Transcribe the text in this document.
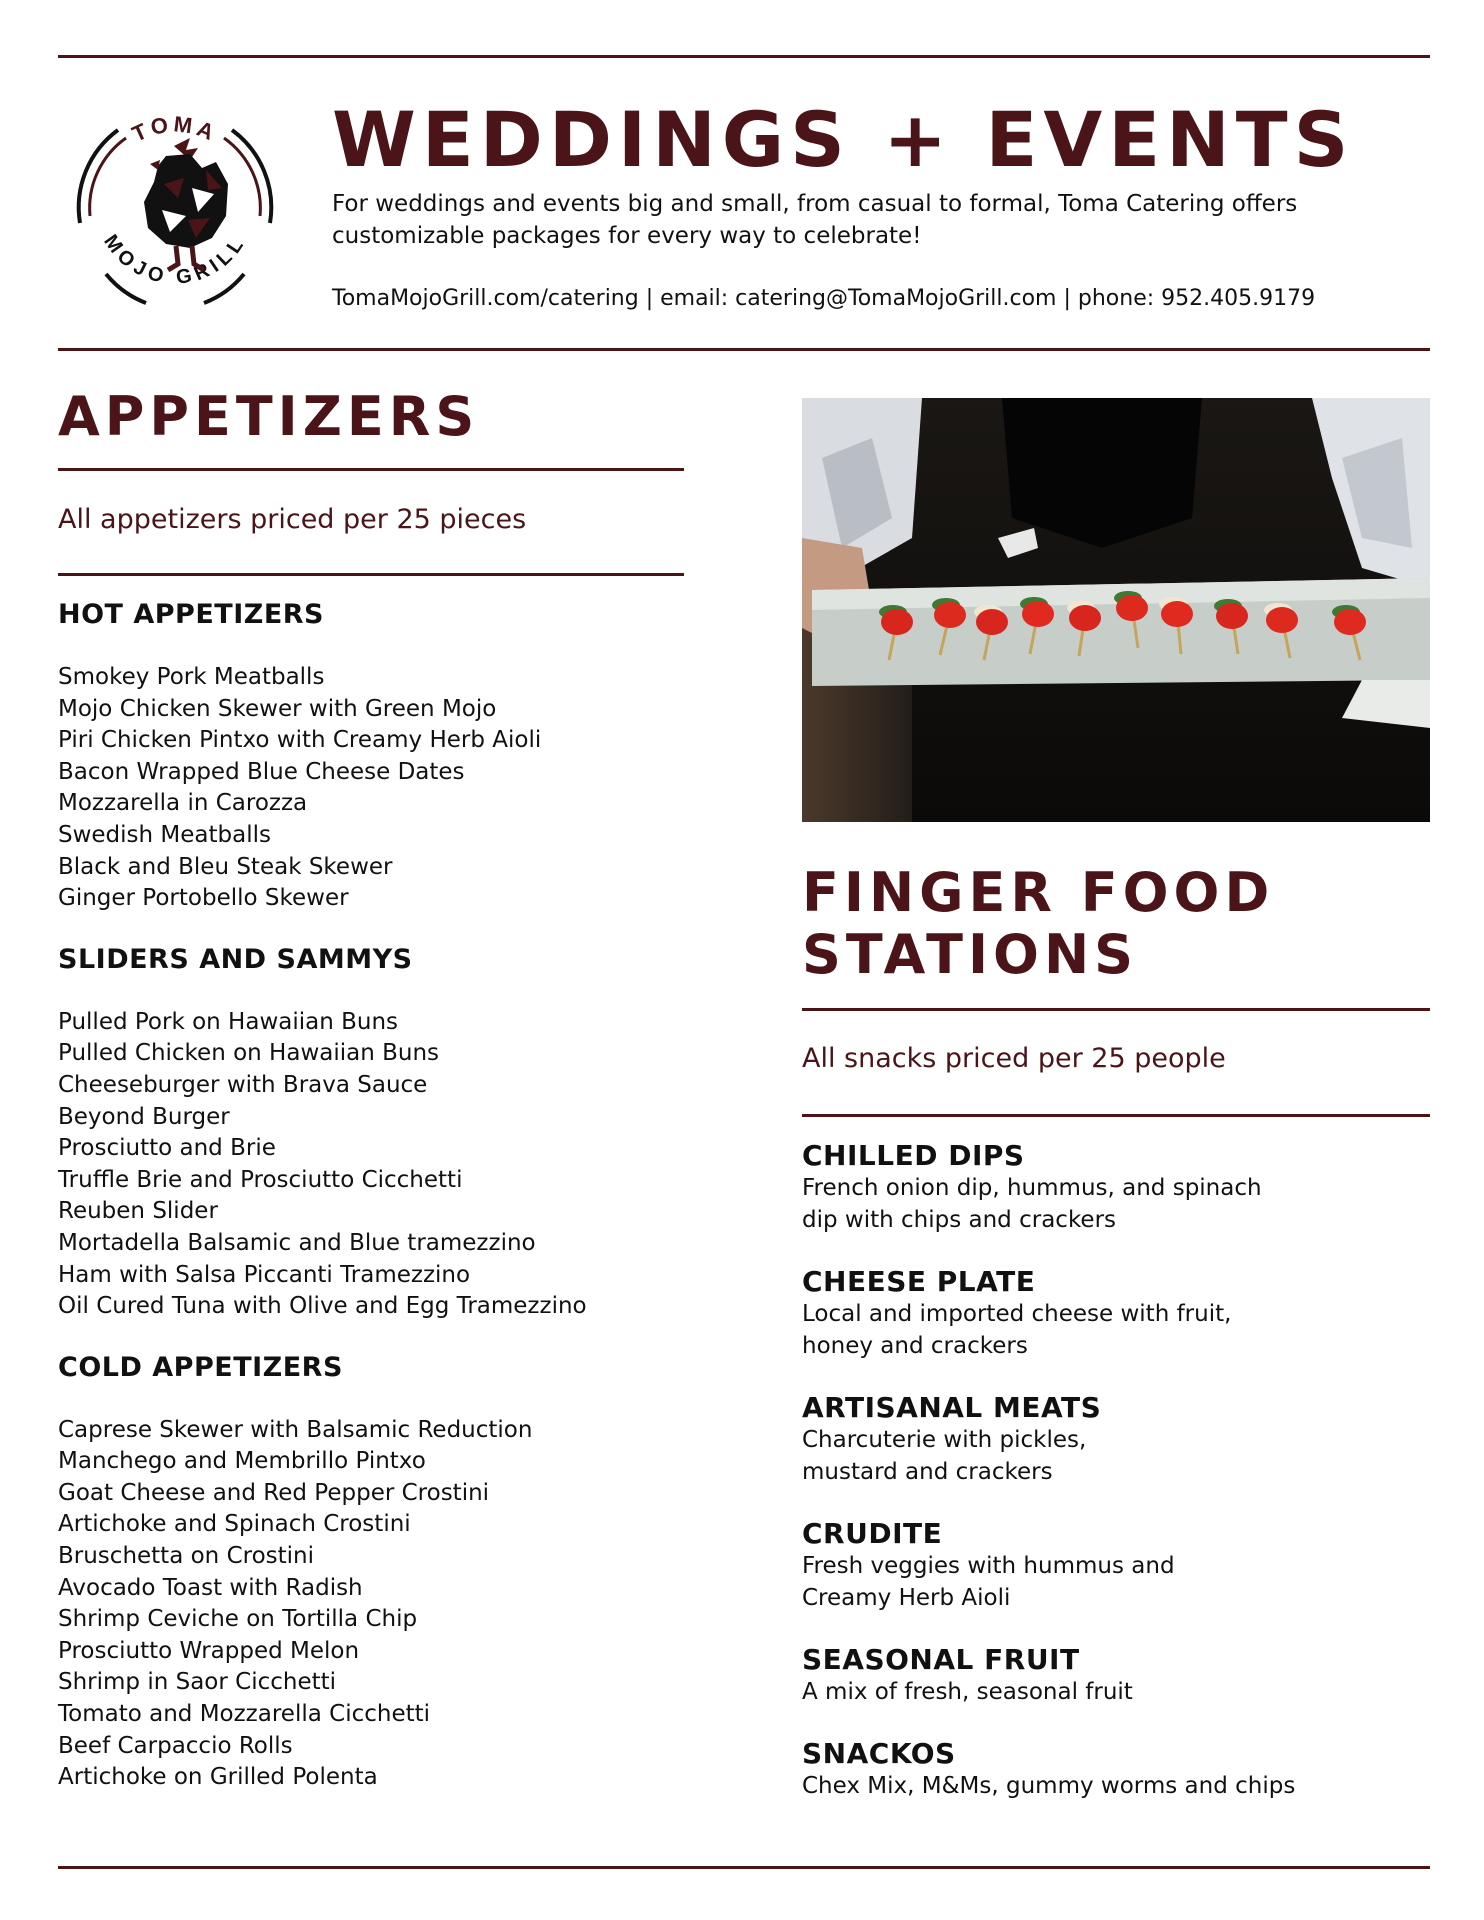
TOMA
MOJO GRILL
WEDDINGS + EVENTS

For weddings and events big and small, from casual to formal, Toma Catering offers customizable packages for every way to celebrate!

TomaMojoGrill.com/catering | email: catering@TomaMojoGrill.com | phone: 952.405.9179

APPETIZERS

All appetizers priced per 25 pieces

HOT APPETIZERS
Smokey Pork Meatballs
Mojo Chicken Skewer with Green Mojo
Piri Chicken Pintxo with Creamy Herb Aioli
Bacon Wrapped Blue Cheese Dates
Mozzarella in Carozza
Swedish Meatballs
Black and Bleu Steak Skewer
Ginger Portobello Skewer
SLIDERS AND SAMMYS
Pulled Pork on Hawaiian Buns
Pulled Chicken on Hawaiian Buns
Cheeseburger with Brava Sauce
Beyond Burger
Prosciutto and Brie
Truffle Brie and Prosciutto Cicchetti
Reuben Slider
Mortadella Balsamic and Blue tramezzino
Ham with Salsa Piccanti Tramezzino
Oil Cured Tuna with Olive and Egg Tramezzino
COLD APPETIZERS
Caprese Skewer with Balsamic Reduction
Manchego and Membrillo Pintxo
Goat Cheese and Red Pepper Crostini
Artichoke and Spinach Crostini
Bruschetta on Crostini
Avocado Toast with Radish
Shrimp Ceviche on Tortilla Chip
Prosciutto Wrapped Melon
Shrimp in Saor Cicchetti
Tomato and Mozzarella Cicchetti
Beef Carpaccio Rolls
Artichoke on Grilled Polenta
FINGER FOOD
STATIONS

All snacks priced per 25 people

CHILLED DIPS

French onion dip, hummus, and spinach dip with chips and crackers

CHEESE PLATE

Local and imported cheese with fruit, honey and crackers

ARTISANAL MEATS

Charcuterie with pickles, mustard and crackers

CRUDITE

Fresh veggies with hummus and Creamy Herb Aioli

SEASONAL FRUIT

A mix of fresh, seasonal fruit

SNACKOS

Chex Mix, M&Ms, gummy worms and chips
